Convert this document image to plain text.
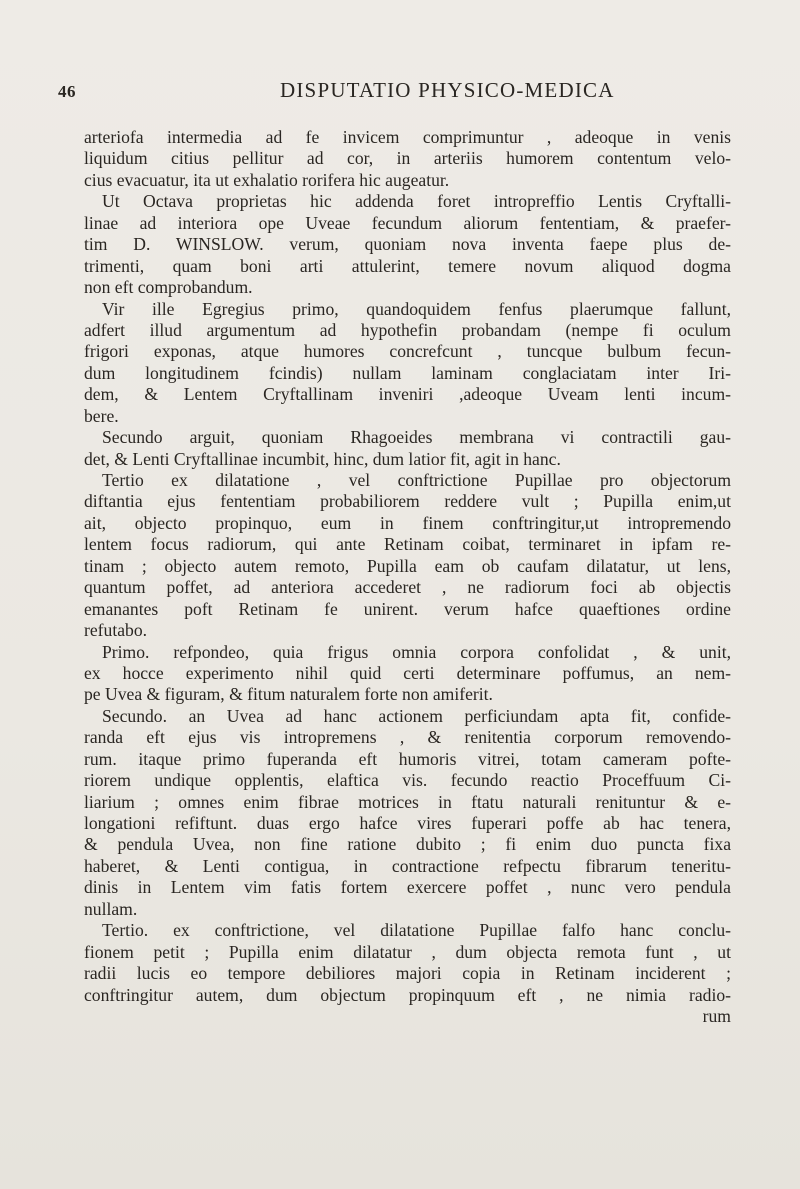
46	DISPUTATIO PHYSICO-MEDICA
arteriofa intermedia ad fe invicem comprimuntur , adeoque in venis
liquidum citius pellitur ad cor, in arteriis humorem contentum velo-
cius evacuatur, ita ut exhalatio rorifera hic augeatur.
Ut Octava proprietas hic addenda foret intropreffio Lentis Cryftalli-
linae ad interiora ope Uveae fecundum aliorum fententiam, & praefer-
tim D. WINSLOW. verum, quoniam nova inventa faepe plus de-
trimenti, quam boni arti attulerint, temere novum aliquod dogma
non eft comprobandum.
Vir ille Egregius primo, quandoquidem fenfus plaerumque fallunt,
adfert illud argumentum ad hypothefin probandam (nempe fi oculum
frigori exponas, atque humores concrefcunt , tuncque bulbum fecun-
dum longitudinem fcindis) nullam laminam conglaciatam inter Iri-
dem, & Lentem Cryftallinam inveniri ,adeoque Uveam lenti incum-
bere.
Secundo arguit, quoniam Rhagoeides membrana vi contractili gau-
det, & Lenti Cryftallinae incumbit, hinc, dum latior fit, agit in hanc.
Tertio ex dilatatione , vel conftrictione Pupillae pro objectorum
diftantia ejus fententiam probabiliorem reddere vult ; Pupilla enim,ut
ait, objecto propinquo, eum in finem conftringitur,ut intropremendo
lentem focus radiorum, qui ante Retinam coibat, terminaret in ipfam re-
tinam ; objecto autem remoto, Pupilla eam ob caufam dilatatur, ut lens,
quantum poffet, ad anteriora accederet , ne radiorum foci ab objectis
emanantes poft Retinam fe unirent. verum hafce quaeftiones ordine
refutabo.
Primo. refpondeo, quia frigus omnia corpora confolidat , & unit,
ex hocce experimento nihil quid certi determinare poffumus, an nem-
pe Uvea & figuram, & fitum naturalem forte non amiferit.
Secundo. an Uvea ad hanc actionem perficiundam apta fit, confide-
randa eft ejus vis intropremens , & renitentia corporum removendo-
rum. itaque primo fuperanda eft humoris vitrei, totam cameram pofte-
riorem undique opplentis, elaftica vis. fecundo reactio Proceffuum Ci-
liarium ; omnes enim fibrae motrices in ftatu naturali renituntur & e-
longationi refiftunt. duas ergo hafce vires fuperari poffe ab hac tenera,
& pendula Uvea, non fine ratione dubito ; fi enim duo puncta fixa
haberet, & Lenti contigua, in contractione refpectu fibrarum teneritu-
dinis in Lentem vim fatis fortem exercere poffet , nunc vero pendula
nullam.
Tertio. ex conftrictione, vel dilatatione Pupillae falfo hanc conclu-
fionem petit ; Pupilla enim dilatatur , dum objecta remota funt , ut
radii lucis eo tempore debiliores majori copia in Retinam inciderent ;
conftringitur autem, dum objectum propinquum eft , ne nimia radio-
rum
